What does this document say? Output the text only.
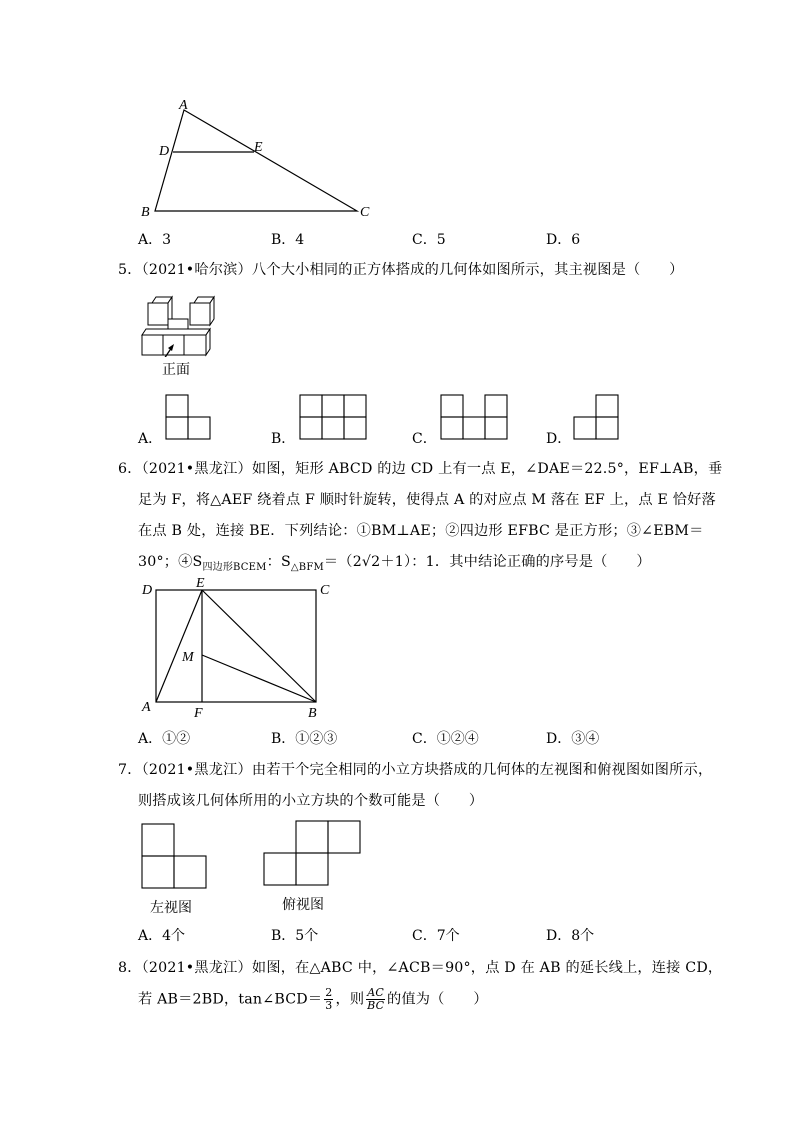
A
D	E
B	C
A．3	B．4	C．5	D．6
5．（2021•哈尔滨）八个大小相同的正方体搭成的几何体如图所示，其主视图是（　　）
正面
A．	B．	C．	D．
6．（2021•黑龙江）如图，矩形 ABCD 的边 CD 上有一点 E，∠DAE＝22.5°，EF⊥AB，垂
足为 F，将△AEF 绕着点 F 顺时针旋转，使得点 A 的对应点 M 落在 EF 上，点 E 恰好落
在点 B 处，连接 BE．下列结论：①BM⊥AE；②四边形 EFBC 是正方形；③∠EBM＝
30°；$④S_{四边形BCEM}$：$S_{\triangle BFM}=(2√2+1)$：1．其中结论正确的序号是（　　）
D	E	C
M
A	F	B
A．①②	B．①②③	C．①②④	D．③④
7．（2021•黑龙江）由若干个完全相同的小立方块搭成的几何体的左视图和俯视图如图所示，
则搭成该几何体所用的小立方块的个数可能是（　　）
左视图	俯视图
A．4个	B．5个	C．7个	D．8个
8．（2021•黑龙江）如图，在△ABC 中，∠ACB＝90°，点 D 在 AB 的延长线上，连接 CD，
若 AB＝2BD，tan∠BCD＝ $\frac{2}{3}$ ，则 $\frac{AC}{BC}$ 的值为（　　）
